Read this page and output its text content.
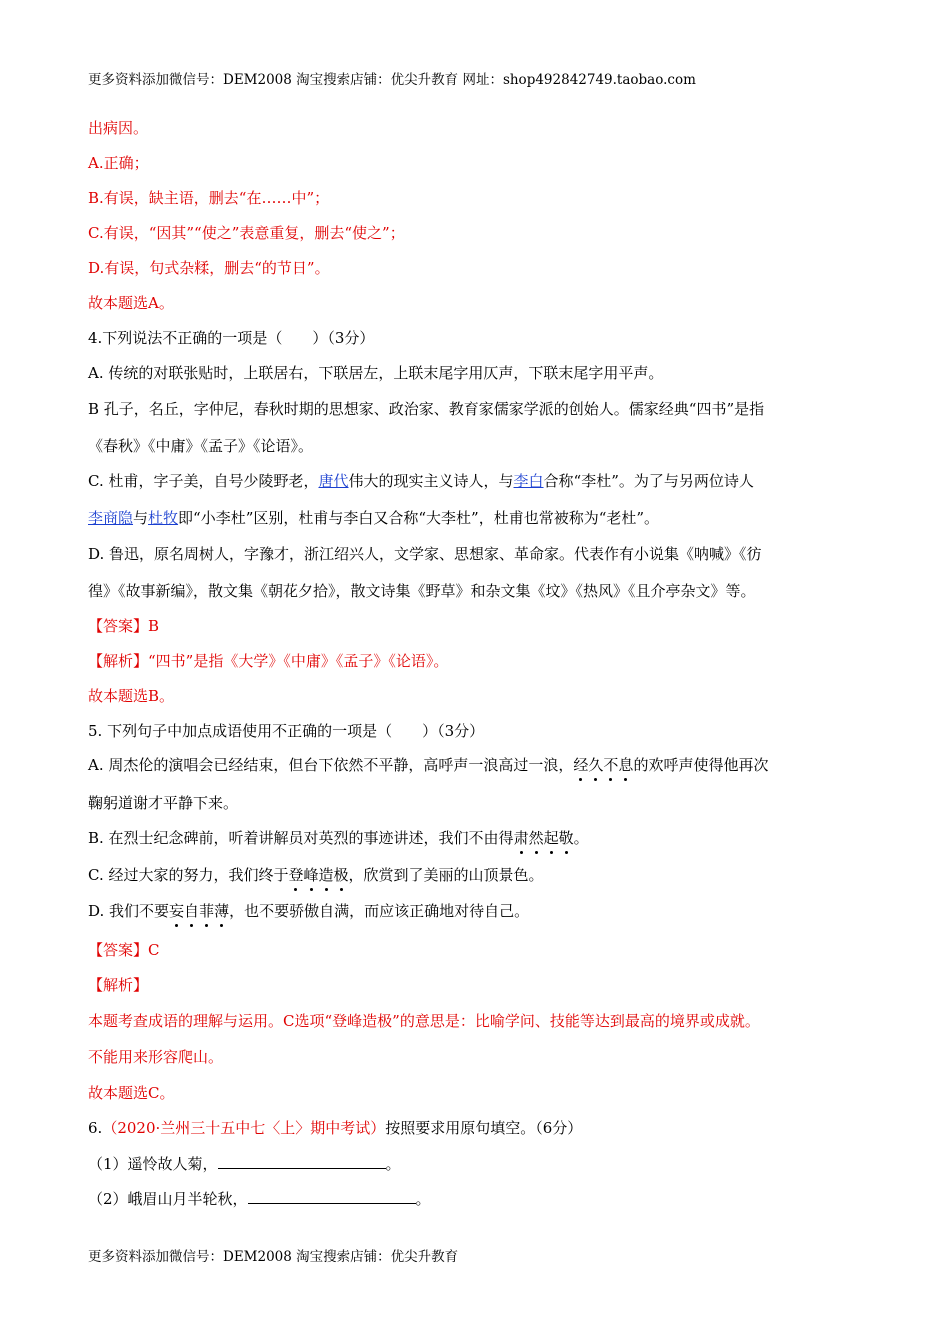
更多资料添加微信号：DEM2008 淘宝搜索店铺：优尖升教育 网址：shop492842749.taobao.com
出病因。
A.正确；
B.有误，缺主语，删去“在……中”；
C.有误，“因其”“使之”表意重复，删去“使之”；
D.有误，句式杂糅，删去“的节日”。
故本题选A。
4.下列说法不正确的一项是（　　）（3分）
A. 传统的对联张贴时，上联居右，下联居左，上联末尾字用仄声，下联末尾字用平声。
B 孔子，名丘，字仲尼，春秋时期的思想家、政治家、教育家儒家学派的创始人。儒家经典“四书”是指
《春秋》《中庸》《孟子》《论语》。
C. 杜甫，字子美，自号少陵野老，唐代伟大的现实主义诗人，与李白合称“李杜”。为了与另两位诗人
李商隐与杜牧即“小李杜”区别，杜甫与李白又合称“大李杜”，杜甫也常被称为“老杜”。
D. 鲁迅，原名周树人，字豫才，浙江绍兴人，文学家、思想家、革命家。代表作有小说集《呐喊》《彷
徨》《故事新编》，散文集《朝花夕拾》，散文诗集《野草》和杂文集《坟》《热风》《且介亭杂文》等。
【答案】B
【解析】“四书”是指《大学》《中庸》《孟子》《论语》。
故本题选B。
5. 下列句子中加点成语使用不正确的一项是（　　）（3分）
A. 周杰伦的演唱会已经结束，但台下依然不平静，高呼声一浪高过一浪，经久不息的欢呼声使得他再次
鞠躬道谢才平静下来。
B. 在烈士纪念碑前，听着讲解员对英烈的事迹讲述，我们不由得肃然起敬。
C. 经过大家的努力，我们终于登峰造极，欣赏到了美丽的山顶景色。
D. 我们不要妄自菲薄，也不要骄傲自满，而应该正确地对待自己。
【答案】C
【解析】
本题考查成语的理解与运用。C选项“登峰造极”的意思是：比喻学问、技能等达到最高的境界或成就。
不能用来形容爬山。
故本题选C。
6.（2020·兰州三十五中七〈上〉期中考试）按照要求用原句填空。（6分）
（1）遥怜故人菊，	。
（2）峨眉山月半轮秋，	。
更多资料添加微信号：DEM2008 淘宝搜索店铺：优尖升教育
